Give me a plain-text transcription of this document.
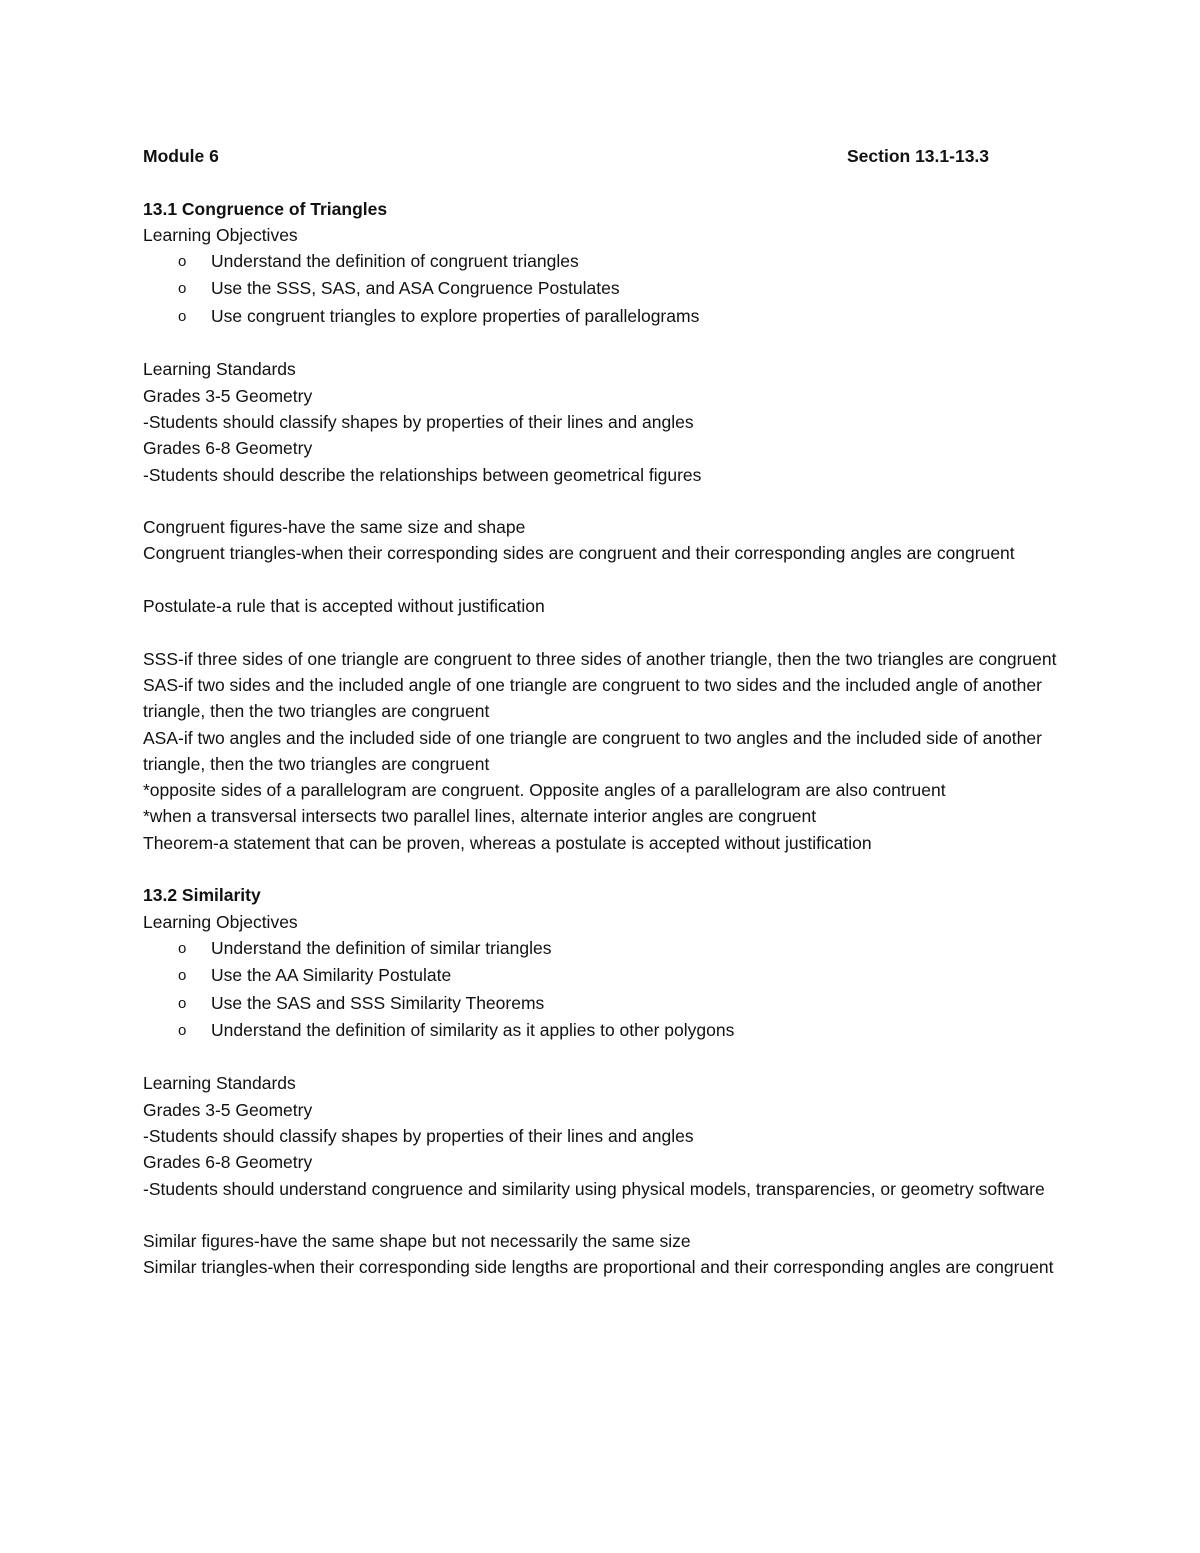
Module 6	Section 13.1-13.3
13.1 Congruence of Triangles
Learning Objectives
o Understand the definition of congruent triangles
o Use the SSS, SAS, and ASA Congruence Postulates
o Use congruent triangles to explore properties of parallelograms
Learning Standards
Grades 3-5 Geometry
-Students should classify shapes by properties of their lines and angles
Grades 6-8 Geometry
-Students should describe the relationships between geometrical figures
Congruent figures-have the same size and shape
Congruent triangles-when their corresponding sides are congruent and their corresponding angles are congruent
Postulate-a rule that is accepted without justification
SSS-if three sides of one triangle are congruent to three sides of another triangle, then the two triangles are congruent
SAS-if two sides and the included angle of one triangle are congruent to two sides and the included angle of another triangle, then the two triangles are congruent
ASA-if two angles and the included side of one triangle are congruent to two angles and the included side of another triangle, then the two triangles are congruent
*opposite sides of a parallelogram are congruent. Opposite angles of a parallelogram are also contruent
*when a transversal intersects two parallel lines, alternate interior angles are congruent
Theorem-a statement that can be proven, whereas a postulate is accepted without justification
13.2 Similarity
Learning Objectives
o Understand the definition of similar triangles
o Use the AA Similarity Postulate
o Use the SAS and SSS Similarity Theorems
o Understand the definition of similarity as it applies to other polygons
Learning Standards
Grades 3-5 Geometry
-Students should classify shapes by properties of their lines and angles
Grades 6-8 Geometry
-Students should understand congruence and similarity using physical models, transparencies, or geometry software
Similar figures-have the same shape but not necessarily the same size
Similar triangles-when their corresponding side lengths are proportional and their corresponding angles are congruent
